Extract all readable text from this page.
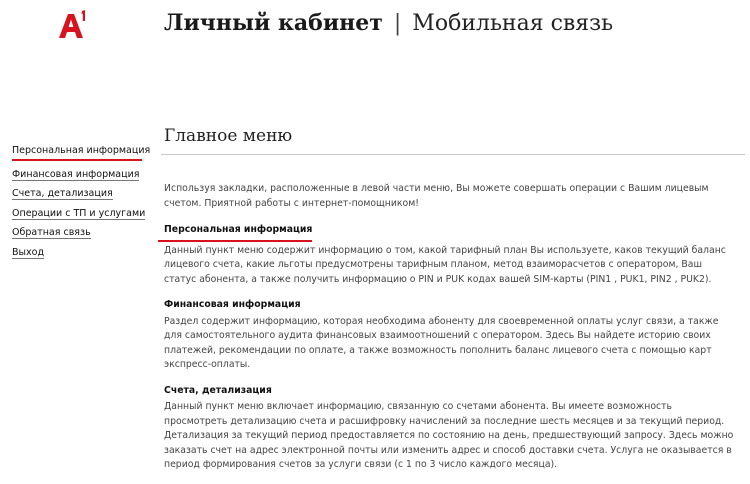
Личный кабинет | Мобильная связь
Персональная информация
Финансовая информация
Счета, детализация
Операции с ТП и услугами
Обратная связь
Выход
Главное меню

Используя закладки, расположенные в левой части меню, Вы можете совершать операции с Вашим лицевым счетом. Приятной работы с интернет-помощником!

Персональная информация

Данный пункт меню содержит информацию о том, какой тарифный план Вы используете, каков текущий баланс лицевого счета, какие льготы предусмотрены тарифным планом, метод взаиморасчетов с оператором, Ваш статус абонента, а также получить информацию о PIN и PUK кодах вашей SIM-карты (PIN1 , PUK1, PIN2 , PUK2).

Финансовая информация

Раздел содержит информацию, которая необходима абоненту для своевременной оплаты услуг связи, а также для самостоятельного аудита финансовых взаимоотношений с оператором. Здесь Вы найдете историю своих платежей, рекомендации по оплате, а также возможность пополнить баланс лицевого счета с помощью карт экспресс-оплаты.

Счета, детализация

Данный пункт меню включает информацию, связанную со счетами абонента. Вы имеете возможность просмотреть детализацию счета и расшифровку начислений за последние шесть месяцев и за текущий период. Детализация за текущий период предоставляется по состоянию на день, предшествующий запросу. Здесь можно заказать счет на адрес электронной почты или изменить адрес и способ доставки счета. Услуга не оказывается в период формирования счетов за услуги связи (с 1 по 3 число каждого месяца).
